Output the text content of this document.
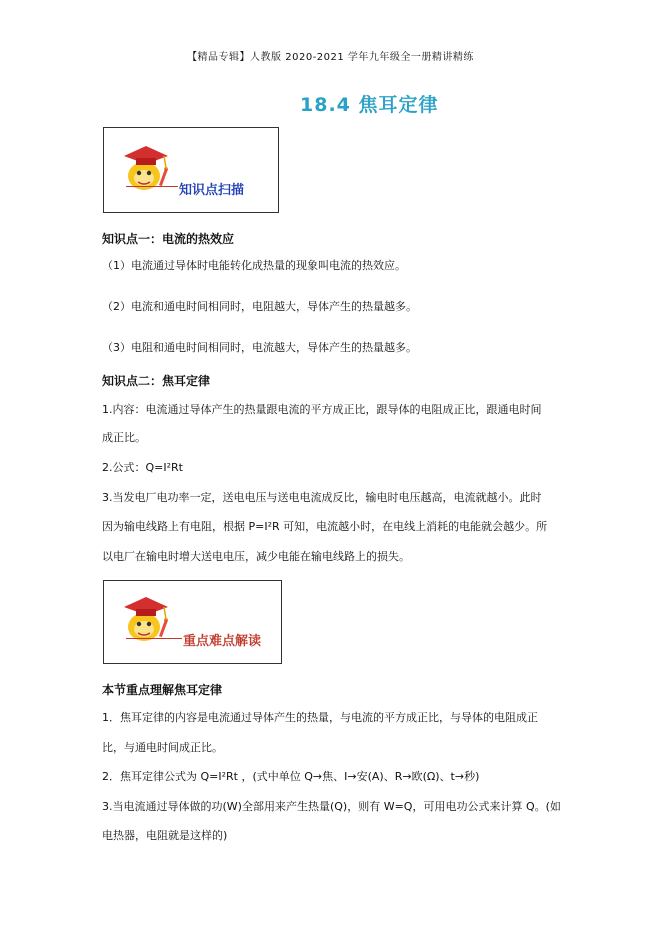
【精品专辑】人教版 2020-2021 学年九年级全一册精讲精练
18.4 焦耳定律
知识点扫描
知识点一：电流的热效应
（1）电流通过导体时电能转化成热量的现象叫电流的热效应。
（2）电流和通电时间相同时，电阻越大，导体产生的热量越多。
（3）电阻和通电时间相同时，电流越大，导体产生的热量越多。
知识点二：焦耳定律
1.内容：电流通过导体产生的热量跟电流的平方成正比，跟导体的电阻成正比，跟通电时间
成正比。
2.公式：Q=I²Rt
3.当发电厂电功率一定，送电电压与送电电流成反比，输电时电压越高，电流就越小。此时
因为输电线路上有电阻，根据 P=I²R 可知，电流越小时，在电线上消耗的电能就会越少。所
以电厂在输电时增大送电电压，减少电能在输电线路上的损失。
重点难点解读
本节重点理解焦耳定律
1．焦耳定律的内容是电流通过导体产生的热量，与电流的平方成正比，与导体的电阻成正
比，与通电时间成正比。
2．焦耳定律公式为 Q=I²Rt ，(式中单位 Q→焦、I→安(A)、R→欧(Ω)、t→秒)
3.当电流通过导体做的功(W)全部用来产生热量(Q)，则有 W=Q，可用电功公式来计算 Q。(如
电热器，电阻就是这样的)
